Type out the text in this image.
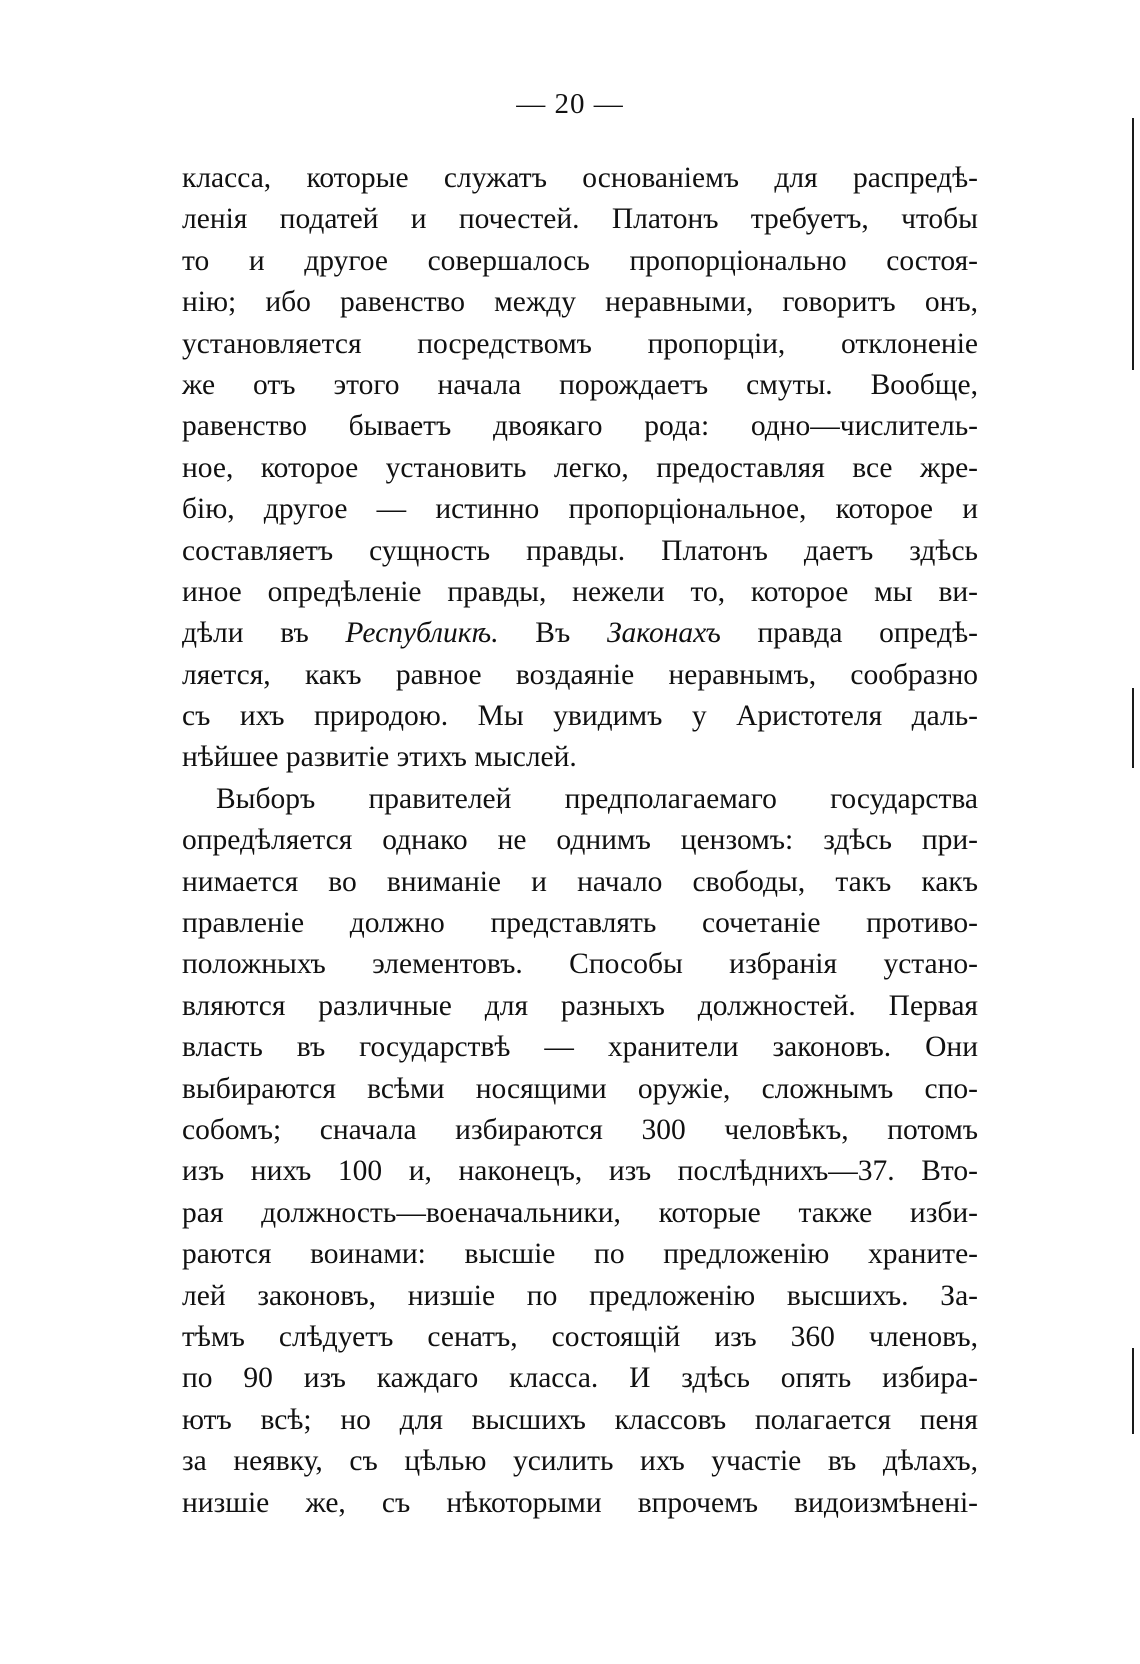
— 20 —
класса, которые служатъ основаніемъ для распредѣ-
ленія податей и почестей. Платонъ требуетъ, чтобы
то и другое совершалось пропорціонально состоя-
нію; ибо равенство между неравными, говоритъ онъ,
установляется посредствомъ пропорціи, отклоненіе
же отъ этого начала порождаетъ смуты. Вообще,
равенство бываетъ двоякаго рода: одно—числитель-
ное, которое установить легко, предоставляя все жре-
бію, другое — истинно пропорціональное, которое и
составляетъ сущность правды. Платонъ даетъ здѣсь
иное опредѣленіе правды, нежели то, которое мы ви-
дѣли въ Республикѣ. Въ Законахъ правда опредѣ-
ляется, какъ равное воздаяніе неравнымъ, сообразно
съ ихъ природою. Мы увидимъ у Аристотеля даль-
нѣйшее развитіе этихъ мыслей.
Выборъ правителей предполагаемаго государства
опредѣляется однако не однимъ цензомъ: здѣсь при-
нимается во вниманіе и начало свободы, такъ какъ
правленіе должно представлять сочетаніе противо-
положныхъ элементовъ. Способы избранія устано-
вляются различные для разныхъ должностей. Первая
власть въ государствѣ — хранители законовъ. Они
выбираются всѣми носящими оружіе, сложнымъ спо-
собомъ; сначала избираются 300 человѣкъ, потомъ
изъ нихъ 100 и, наконецъ, изъ послѣднихъ—37. Вто-
рая должность—военачальники, которые также изби-
раются воинами: высшіе по предложенію храните-
лей законовъ, низшіе по предложенію высшихъ. За-
тѣмъ слѣдуетъ сенатъ, состоящій изъ 360 членовъ,
по 90 изъ каждаго класса. И здѣсь опять избира-
ютъ всѣ; но для высшихъ классовъ полагается пеня
за неявку, съ цѣлью усилить ихъ участіе въ дѣлахъ,
низшіе же, съ нѣкоторыми впрочемъ видоизмѣнені-
